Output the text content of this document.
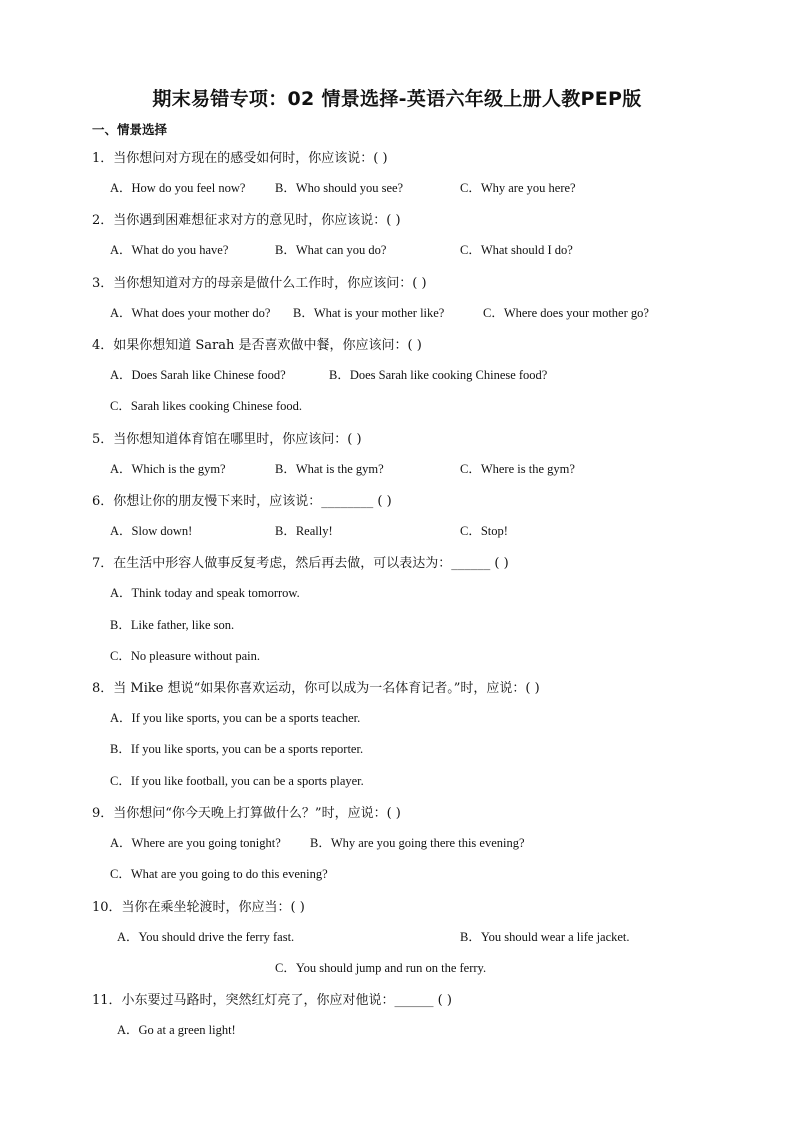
期末易错专项：02 情景选择-英语六年级上册人教PEP版
一、情景选择
1．当你想问对方现在的感受如何时，你应该说：( )
A．How do you feel now? B．Who should you see?	C．Why are you here?
2．当你遇到困难想征求对方的意见时，你应该说：( )
A．What do you have?	B．What can you do?	C．What should I do?
3．当你想知道对方的母亲是做什么工作时，你应该问：( )
A．What does your mother do? B．What is your mother like?	C．Where does your mother go?
4．如果你想知道 Sarah 是否喜欢做中餐，你应该问：( )
A．Does Sarah like Chinese food?	B．Does Sarah like cooking Chinese food?
C．Sarah likes cooking Chinese food.
5．当你想知道体育馆在哪里时，你应该问：( )
A．Which is the gym?	B．What is the gym?	C．Where is the gym?
6．你想让你的朋友慢下来时，应该说：________ ( )
A．Slow down!	B．Really!	C．Stop!
7．在生活中形容人做事反复考虑，然后再去做，可以表达为：______ ( )
A．Think today and speak tomorrow.
B．Like father, like son.
C．No pleasure without pain.
8．当 Mike 想说“如果你喜欢运动，你可以成为一名体育记者。”时，应说：( )
A．If you like sports, you can be a sports teacher.
B．If you like sports, you can be a sports reporter.
C．If you like football, you can be a sports player.
9．当你想问“你今天晚上打算做什么？”时，应说：( )
A．Where are you going tonight? B．Why are you going there this evening?
C．What are you going to do this evening?
10．当你在乘坐轮渡时，你应当：( )
A．You should drive the ferry fast.	B．You should wear a life jacket.
C．You should jump and run on the ferry.
11．小东要过马路时，突然红灯亮了，你应对他说：______ ( )
A．Go at a green light!
